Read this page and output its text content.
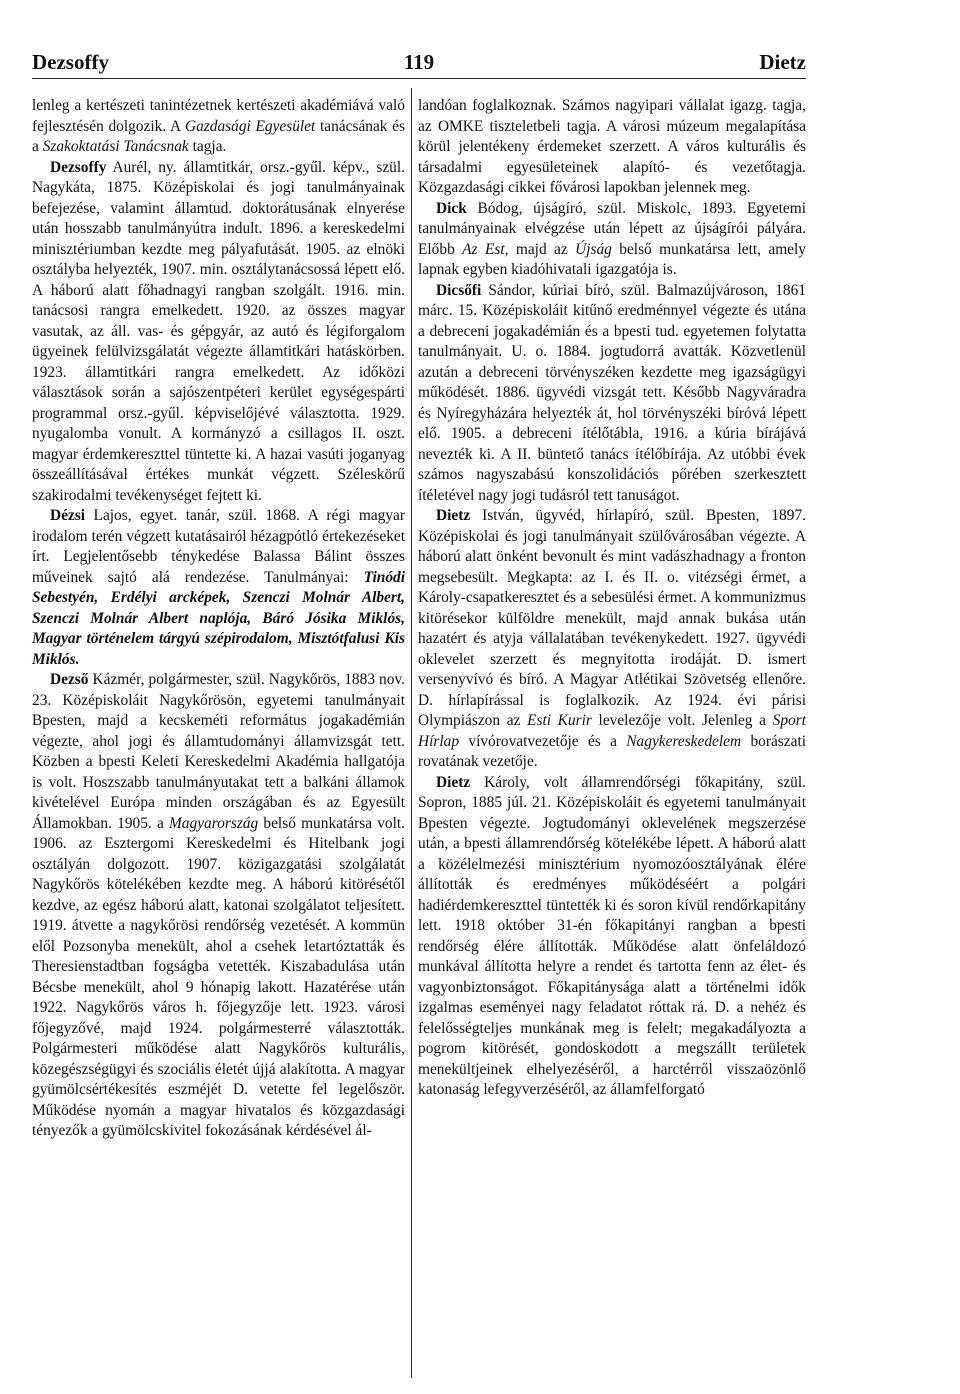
Dezsoffy	119	Dietz

lenleg a kertészeti tanintézetnek kertészeti akadémiává való fejlesztésén dolgozik. A Gazdasági Egyesület tanácsának és a Szakoktatási Tanácsnak tagja.

Dezsoffy Aurél, ny. államtitkár, orsz.-gyűl. képv., szül. Nagykáta, 1875. Középiskolai és jogi tanulmányainak befejezése, valamint államtud. doktorátusának elnyerése után hosszabb tanulmányútra indult. 1896. a kereskedelmi minisztériumban kezdte meg pályafutását. 1905. az elnöki osztályba helyezték, 1907. min. osztálytanácsossá lépett elő. A háború alatt főhadnagyi rangban szolgált. 1916. min. tanácsosi rangra emelkedett. 1920. az összes magyar vasutak, az áll. vas- és gépgyár, az autó és légiforgalom ügyeinek felülvizsgálatát végezte államtitkári hatáskörben. 1923. államtitkári rangra emelkedett. Az időközi választások során a sajószentpéteri kerület egységespárti programmal orsz.-gyűl. képviselőjévé választotta. 1929. nyugalomba vonult. A kormányzó a csillagos II. oszt. magyar érdemkereszttel tüntette ki. A hazai vasúti joganyag összeállításával értékes munkát végzett. Széleskörű szakirodalmi tevékenységet fejtett ki.

Dézsi Lajos, egyet. tanár, szül. 1868. A régi magyar irodalom terén végzett kutatásairól hézagpótló értekezéseket írt. Legjelentősebb ténykedése Balassa Bálint összes műveinek sajtó alá rendezése. Tanulmányai: Tinódi Sebestyén, Erdélyi arcképek, Szenczi Molnár Albert, Szenczi Molnár Albert naplója, Báró Jósika Miklós, Magyar történelem tárgyú szépirodalom, Misztótfalusi Kis Miklós.

Dezső Kázmér, polgármester, szül. Nagykőrös, 1883 nov. 23. Középiskoláit Nagykőrösön, egyetemi tanulmányait Bpesten, majd a kecskeméti református jogakadémián végezte, ahol jogi és államtudományi államvizsgát tett. Közben a bpesti Keleti Kereskedelmi Akadémia hallgatója is volt. Hoszszabb tanulmányutakat tett a balkáni államok kivételével Európa minden országában és az Egyesült Államokban. 1905. a Magyarország belső munkatársa volt. 1906. az Esztergomi Kereskedelmi és Hitelbank jogi osztályán dolgozott. 1907. közigazgatási szolgálatát Nagykőrös kötelékében kezdte meg. A háború kitörésétől kezdve, az egész háború alatt, katonai szolgálatot teljesített. 1919. átvette a nagykőrösi rendőrség vezetését. A kommün elől Pozsonyba menekült, ahol a csehek letartóztatták és Theresienstadtban fogságba vetették. Kiszabadulása után Bécsbe menekült, ahol 9 hónapig lakott. Hazatérése után 1922. Nagykőrös város h. főjegyzője lett. 1923. városi főjegyzővé, majd 1924. polgármesterré választották. Polgármesteri működése alatt Nagykőrös kulturális, közegészségügyi és szociális életét újjá alakította. A magyar gyümölcsértékesítés eszméjét D. vetette fel legelőször. Működése nyomán a magyar hivatalos és közgazdasági tényezők a gyümölcskivitel fokozásának kérdésével ál-

landóan foglalkoznak. Számos nagyipari vállalat igazg. tagja, az OMKE tiszteletbeli tagja. A városi múzeum megalapítása körül jelentékeny érdemeket szerzett. A város kulturális és társadalmi egyesületeinek alapító- és vezetőtagja. Közgazdasági cikkei fővárosi lapokban jelennek meg.

Dick Bódog, újságíró, szül. Miskolc, 1893. Egyetemi tanulmányainak elvégzése után lépett az újságírói pályára. Előbb Az Est, majd az Újság belső munkatársa lett, amely lapnak egyben kiadóhivatali igazgatója is.

Dicsőfi Sándor, kúriai bíró, szül. Balmazújvároson, 1861 márc. 15. Középiskoláit kitűnő eredménnyel végezte és utána a debreceni jogakadémián és a bpesti tud. egyetemen folytatta tanulmányait. U. o. 1884. jogtudorrá avatták. Közvetlenül azután a debreceni törvényszéken kezdette meg igazságügyi működését. 1886. ügyvédi vizsgát tett. Később Nagyváradra és Nyíregyházára helyezték át, hol törvényszéki bíróvá lépett elő. 1905. a debreceni ítélőtábla, 1916. a kúria bírájává nevezték ki. A II. büntető tanács ítélőbírája. Az utóbbi évek számos nagyszabású konszolidációs pőrében szerkesztett ítéletével nagy jogi tudásról tett tanuságot.

Dietz István, ügyvéd, hírlapíró, szül. Bpesten, 1897. Középiskolai és jogi tanulmányait szülővárosában végezte. A háború alatt önként bevonult és mint vadászhadnagy a fronton megsebesült. Megkapta: az I. és II. o. vitézségi érmet, a Károly-csapatkeresztet és a sebesülési érmet. A kommunizmus kitörésekor külföldre menekült, majd annak bukása után hazatért és atyja vállalatában tevékenykedett. 1927. ügyvédi oklevelet szerzett és megnyitotta irodáját. D. ismert versenyvívó és bíró. A Magyar Atlétikai Szövetség ellenőre. D. hírlapírással is foglalkozik. Az 1924. évi párisi Olympiászon az Esti Kurir levelezője volt. Jelenleg a Sport Hírlap vívórovatvezetője és a Nagykereskedelem borászati rovatának vezetője.

Dietz Károly, volt államrendőrségi főkapitány, szül. Sopron, 1885 júl. 21. Középiskoláit és egyetemi tanulmányait Bpesten végezte. Jogtudományi oklevelének megszerzése után, a bpesti államrendőrség kötelékébe lépett. A háború alatt a közélelmezési minisztérium nyomozóosztályának élére állították és eredményes működéséért a polgári hadiérdemkereszttel tüntették ki és soron kívül rendőrkapitány lett. 1918 október 31-én főkapitányi rangban a bpesti rendőrség élére állították. Működése alatt önfeláldozó munkával állította helyre a rendet és tartotta fenn az élet- és vagyonbiztonságot. Főkapitánysága alatt a történelmi idők izgalmas eseményei nagy feladatot róttak rá. D. a nehéz és felelősségteljes munkának meg is felelt; megakadályozta a pogrom kitörését, gondoskodott a megszállt területek menekültjeinek elhelyezéséről, a harctérről visszaözönlő katonaság lefegyverzéséről, az államfelforgató
